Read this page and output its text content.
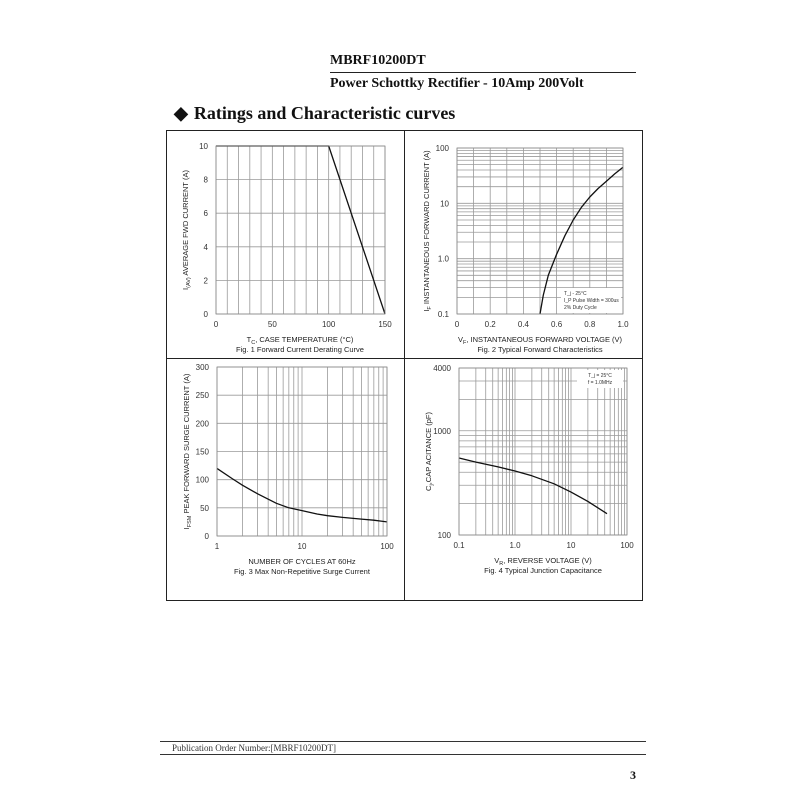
MBRF10200DT
Power Schottky Rectifier - 10Amp 200Volt
◆ Ratings and Characteristic curves
0	50	100	150
0
2
4
6
8
10
$T_C$, CASE TEMPERATURE (°C)
Fig. 1 Forward Current Derating Curve
$I_{(AV)}$ AVERAGE FWD CURRENT (A)
0	0.2	0.4	0.6	0.8	1.0
0.1
1.0
10
100
$V_F$, INSTANTANEOUS FORWARD VOLTAGE (V)
Fig. 2 Typical Forward Characteristics
$I_F$ INSTANTANEOUS FORWARD CURRENT (A)	T_j - 25°C
I_P Pulse Width = 300us
2% Duty Cycle
1	10	100
0
50
100
150
200
250
300
NUMBER OF CYCLES AT 60Hz
Fig. 3 Max Non-Repetitive Surge Current
$I_{FSM}$ PEAK FORWARD SURGE CURRENT (A)
0.1	1.0	10	100
100
1000
4000
$V_R$, REVERSE VOLTAGE (V)
Fig. 4 Typical Junction Capacitance
$C_j,CAP$ ACITANCE (pF)
T_j = 25°C
f = 1.0MHz
Publication Order Number:[MBRF10200DT]
3
